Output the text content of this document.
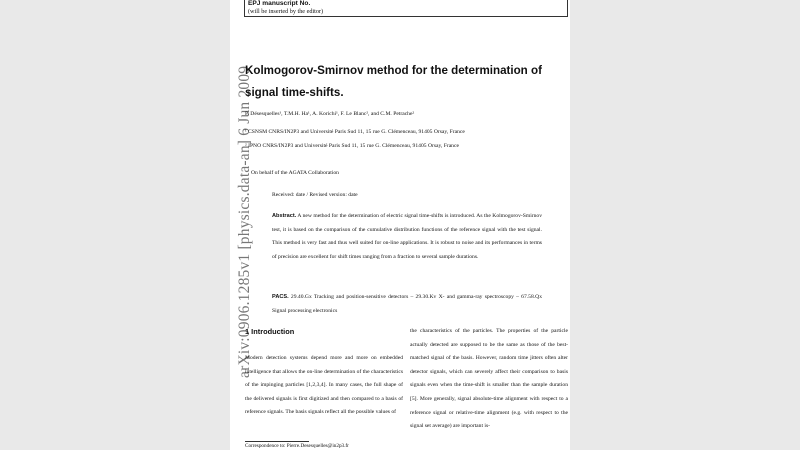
arXiv:0906.1285v1 [physics.data-an] 6 Jun 2009
EPJ manuscript No.
(will be inserted by the editor)
Kolmogorov-Smirnov method for the determination of signal time-shifts.
P. Désesquelles¹, T.M.H. Ha¹, A. Korichi¹, F. Le Blanc², and C.M. Petrache²
¹ CSNSM CNRS/IN2P3 and Université Paris Sud 11, 15 rue G. Clémenceau, 91405 Orsay, France
² IPNO CNRS/IN2P3 and Université Paris Sud 11, 15 rue G. Clémenceau, 91405 Orsay, France
On behalf of the AGATA Collaboration
Received: date / Revised version: date
Abstract. A new method for the determination of electric signal time-shifts is introduced. As the Kolmogorov-Smirnov test, it is based on the comparison of the cumulative distribution functions of the reference signal with the test signal. This method is very fast and thus well suited for on-line applications. It is robust to noise and its performances in terms of precision are excellent for shift times ranging from a fraction to several sample durations.
PACS. 29.40.Gx Tracking and position-sensitive detectors – 29.30.Kv X- and gamma-ray spectroscopy – 67.58.Qx Signal processing electronics
1 Introduction
Modern detection systems depend more and more on embedded intelligence that allows the on-line determination of the characteristics of the impinging particles [1,2,3,4]. In many cases, the full shape of the delivered signals is first digitized and then compared to a basis of reference signals. The basis signals reflect all the possible values of
the characteristics of the particles. The properties of the particle actually detected are supposed to be the same as those of the best-matched signal of the basis. However, random time jitters often alter detector signals, which can severely affect their comparison to basis signals even when the time-shift is smaller than the sample duration [5]. More generally, signal absolute-time alignment with respect to a reference signal or relative-time alignment (e.g. with respect to the signal set average) are important is-
Correspondence to: Pierre.Desesquelles@in2p3.fr
